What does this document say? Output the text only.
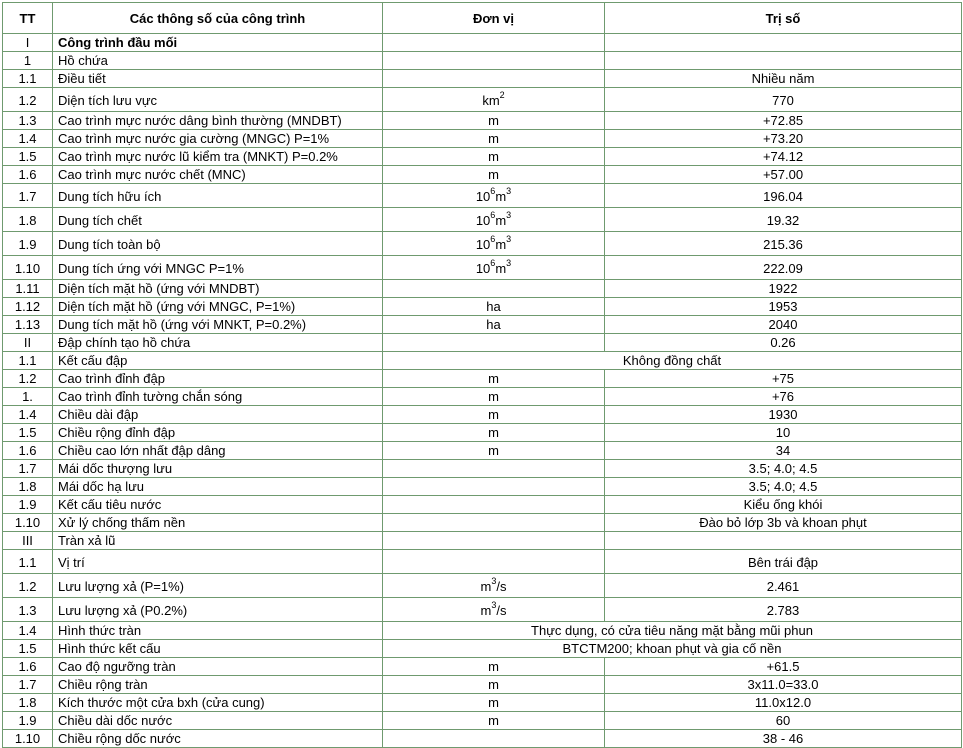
TT	Các thông số của công trình	Đơn vị	Trị số
I	Công trình đầu mối		
1	Hồ chứa		
1.1	Điều tiết		Nhiều năm
1.2	Diện tích lưu vực	$km^2$	770
1.3	Cao trình mực nước dâng bình thường (MNDBT)	m	+72.85
1.4	Cao trình mực nước gia cường (MNGC) P=1%	m	+73.20
1.5	Cao trình mực nước lũ kiểm tra (MNKT) P=0.2%	m	+74.12
1.6	Cao trình mực nước chết (MNC)	m	+57.00
1.7	Dung tích hữu ích	$10^6m^3$	196.04
1.8	Dung tích chết	$10^6m^3$	19.32
1.9	Dung tích toàn bộ	$10^6m^3$	215.36
1.10	Dung tích ứng với MNGC P=1%	$10^6m^3$	222.09
1.11	Diện tích mặt hồ (ứng với MNDBT)		1922
1.12	Diện tích mặt hồ (ứng với MNGC, P=1%)	ha	1953
1.13	Dung tích mặt hồ (ứng với MNKT, P=0.2%)	ha	2040
II	Đập chính tạo hồ chứa		0.26
1.1	Kết cấu đập	Không đồng chất	
1.2	Cao trình đỉnh đập	m	+75
1.	Cao trình đỉnh tường chắn sóng	m	+76
1.4	Chiều dài đập	m	1930
1.5	Chiều rộng đỉnh đập	m	10
1.6	Chiều cao lớn nhất đập dâng	m	34
1.7	Mái dốc thượng lưu		3.5; 4.0; 4.5
1.8	Mái dốc hạ lưu		3.5; 4.0; 4.5
1.9	Kết cấu tiêu nước		Kiểu ống khói
1.10	Xử lý chống thấm nền		Đào bỏ lớp 3b và khoan phụt
III	Tràn xả lũ		
1.1	Vị trí		Bên trái đập
1.2	Lưu lượng xả (P=1%)	$m^3/s$	2.461
1.3	Lưu lượng xả (P0.2%)	$m^3/s$	2.783
1.4	Hình thức tràn	Thực dụng, có cửa tiêu năng mặt bằng mũi phun	
1.5	Hình thức kết cấu	BTCTM200; khoan phụt và gia cố nền	
1.6	Cao độ ngưỡng tràn	m	+61.5
1.7	Chiều rộng tràn	m	3x11.0=33.0
1.8	Kích thước một cửa bxh (cửa cung)	m	11.0x12.0
1.9	Chiều dài dốc nước	m	60
1.10	Chiều rộng dốc nước		38 - 46
